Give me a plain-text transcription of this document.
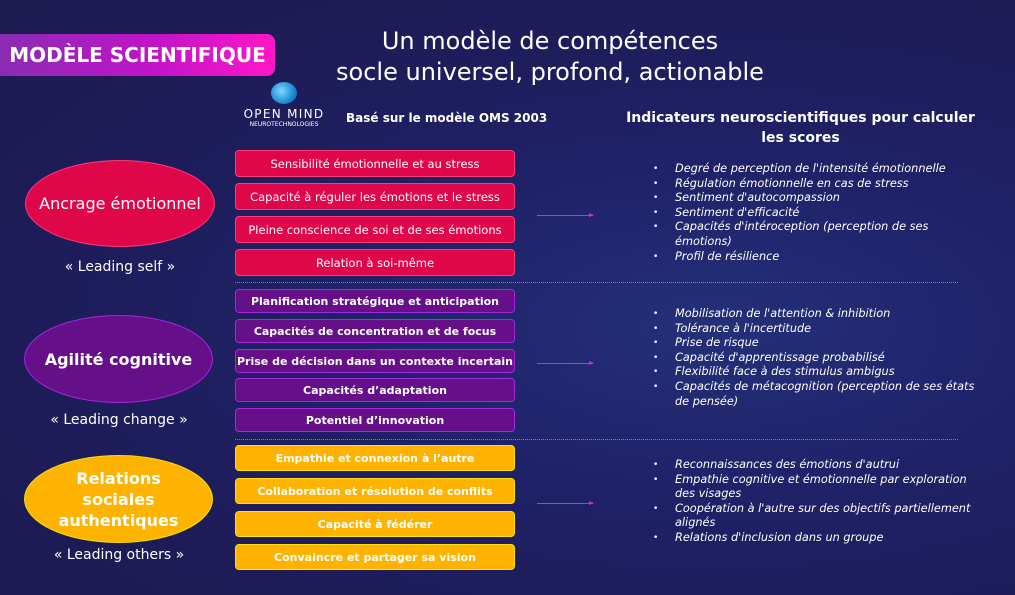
MODÈLE SCIENTIFIQUE	Un modèle de compétences
socle universel, profond, actionable
OPEN MIND
NEUROTECHNOLOGIES	Basé sur le modèle OMS 2003	Indicateurs neuroscientifiques pour calculer les scores
Ancrage émotionnel
« Leading self »
Sensibilité émotionnelle et au stress
Capacité à réguler les émotions et le stress
Pleine conscience de soi et de ses émotions
Relation à soi-même
• Degré de perception de l'intensité émotionnelle
• Régulation émotionnelle en cas de stress
• Sentiment d'autocompassion
• Sentiment d'efficacité
• Capacités d'intéroception (perception de ses émotions)
• Profil de résilience
Agilité cognitive
« Leading change »
Planification stratégique et anticipation
Capacités de concentration et de focus
Prise de décision dans un contexte incertain
Capacités d’adaptation
Potentiel d’innovation
• Mobilisation de l'attention & inhibition
• Tolérance à l'incertitude
• Prise de risque
• Capacité d'apprentissage probabilisé
• Flexibilité face à des stimulus ambigus
• Capacités de métacognition (perception de ses états de pensée)
Relations sociales authentiques
« Leading others »
Empathie et connexion à l’autre
Collaboration et résolution de conflits
Capacité à fédérer
Convaincre et partager sa vision
• Reconnaissances des émotions d'autrui
• Empathie cognitive et émotionnelle par exploration des visages
• Coopération à l'autre sur des objectifs partiellement alignés
• Relations d'inclusion dans un groupe
